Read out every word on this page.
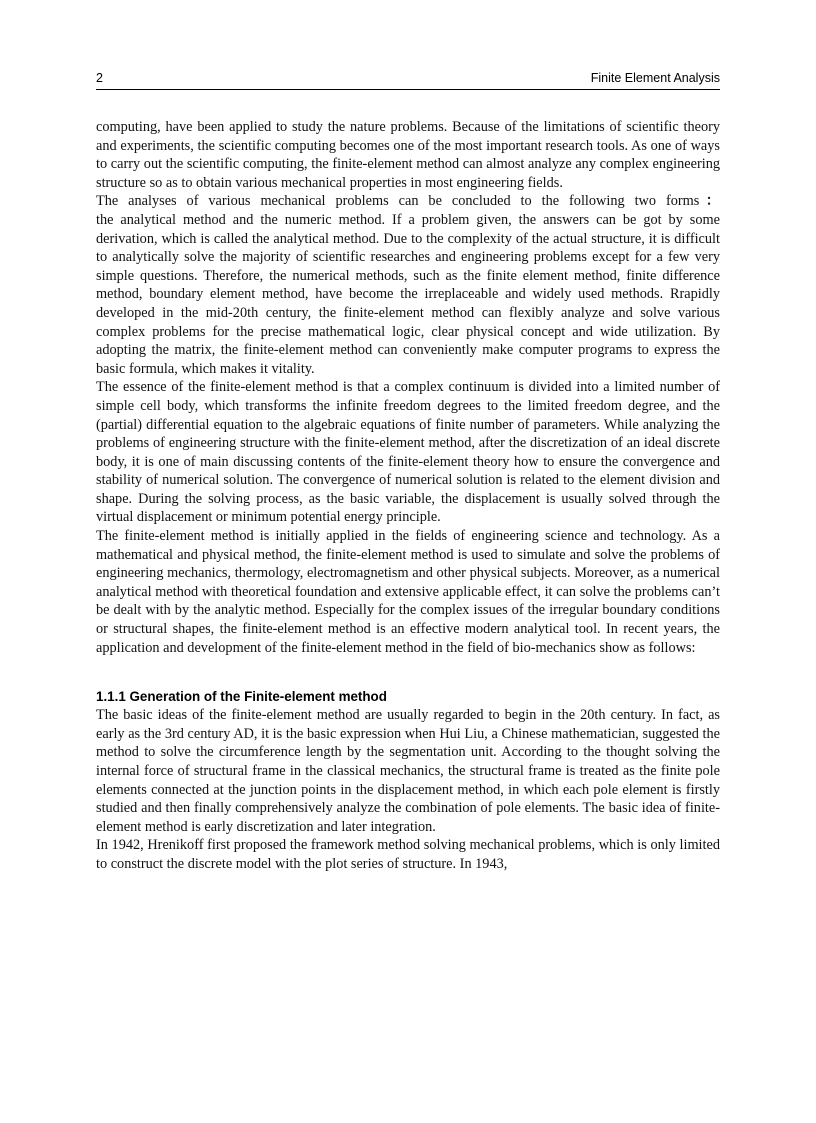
2	Finite Element Analysis

computing, have been applied to study the nature problems. Because of the limitations of scientific theory and experiments, the scientific computing becomes one of the most important research tools. As one of ways to carry out the scientific computing, the finite-element method can almost analyze any complex engineering structure so as to obtain various mechanical properties in most engineering fields.

The analyses of various mechanical problems can be concluded to the following two forms：

the analytical method and the numeric method. If a problem given, the answers can be got by some derivation, which is called the analytical method. Due to the complexity of the actual structure, it is difficult to analytically solve the majority of scientific researches and engineering problems except for a few very simple questions. Therefore, the numerical methods, such as the finite element method, finite difference method, boundary element method, have become the irreplaceable and widely used methods. Rrapidly developed in the mid-20th century, the finite-element method can flexibly analyze and solve various complex problems for the precise mathematical logic, clear physical concept and wide utilization. By adopting the matrix, the finite-element method can conveniently make computer programs to express the basic formula, which makes it vitality.

The essence of the finite-element method is that a complex continuum is divided into a limited number of simple cell body, which transforms the infinite freedom degrees to the limited freedom degree, and the (partial) differential equation to the algebraic equations of finite number of parameters. While analyzing the problems of engineering structure with the finite-element method, after the discretization of an ideal discrete body, it is one of main discussing contents of the finite-element theory how to ensure the convergence and stability of numerical solution. The convergence of numerical solution is related to the element division and shape. During the solving process, as the basic variable, the displacement is usually solved through the virtual displacement or minimum potential energy principle.

The finite-element method is initially applied in the fields of engineering science and technology. As a mathematical and physical method, the finite-element method is used to simulate and solve the problems of engineering mechanics, thermology, electromagnetism and other physical subjects. Moreover, as a numerical analytical method with theoretical foundation and extensive applicable effect, it can solve the problems can’t be dealt with by the analytic method. Especially for the complex issues of the irregular boundary conditions or structural shapes, the finite-element method is an effective modern analytical tool. In recent years, the application and development of the finite-element method in the field of bio-mechanics show as follows:

1.1.1 Generation of the Finite-element method

The basic ideas of the finite-element method are usually regarded to begin in the 20th century. In fact, as early as the 3rd century AD, it is the basic expression when Hui Liu, a Chinese mathematician, suggested the method to solve the circumference length by the segmentation unit. According to the thought solving the internal force of structural frame in the classical mechanics, the structural frame is treated as the finite pole elements connected at the junction points in the displacement method, in which each pole element is firstly studied and then finally comprehensively analyze the combination of pole elements. The basic idea of finite-element method is early discretization and later integration.

In 1942, Hrenikoff first proposed the framework method solving mechanical problems, which is only limited to construct the discrete model with the plot series of structure. In 1943,
